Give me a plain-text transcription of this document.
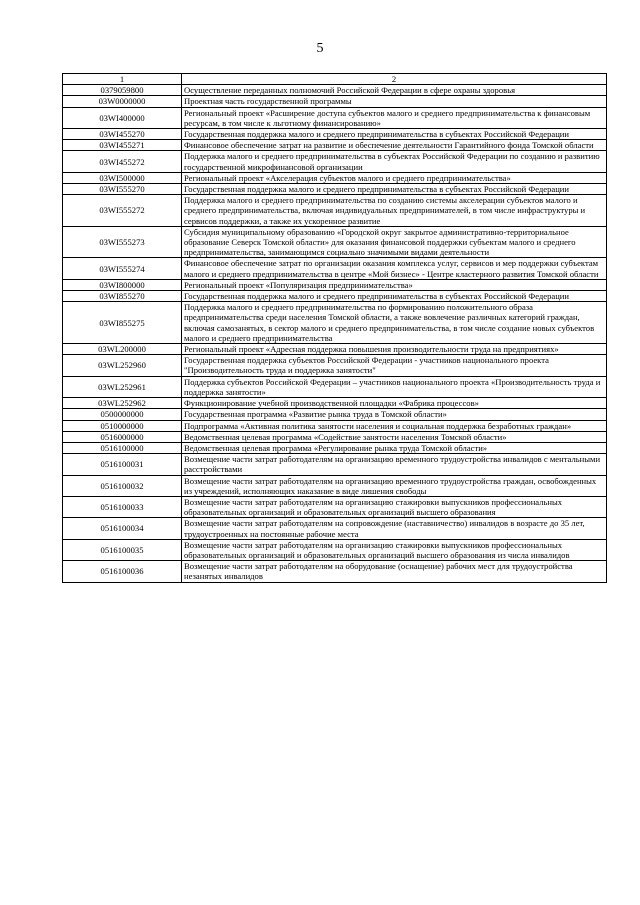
5
1	2
0379059800	Осуществление переданных полномочий Российской Федерации в сфере охраны здоровья
03W0000000	Проектная часть государственной программы
03WI400000	Региональный проект «Расширение доступа субъектов малого и среднего предпринимательства к финансовым ресурсам, в том числе к льготному финансированию»
03WI455270	Государственная поддержка малого и среднего предпринимательства в субъектах Российской Федерации
03WI455271	Финансовое обеспечение затрат на развитие и обеспечение деятельности Гарантийного фонда Томской области
03WI455272	Поддержка малого и среднего предпринимательства в субъектах Российской Федерации по созданию и развитию государственной микрофинансовой организации
03WI500000	Региональный проект «Акселерация субъектов малого и среднего предпринимательства»
03WI555270	Государственная поддержка малого и среднего предпринимательства в субъектах Российской Федерации
03WI555272	Поддержка малого и среднего предпринимательства по созданию системы акселерации субъектов малого и среднего предпринимательства, включая индивидуальных предпринимателей, в том числе инфраструктуры и сервисов поддержки, а также их ускоренное развитие
03WI555273	Субсидия муниципальному образованию «Городской округ закрытое административно-территориальное образование Северск Томской области» для оказания финансовой поддержки субъектам малого и среднего предпринимательства, занимающимся социально значимыми видами деятельности
03WI555274	Финансовое обеспечение затрат по организации оказания комплекса услуг, сервисов и мер поддержки субъектам малого и среднего предпринимательства в центре «Мой бизнес» - Центре кластерного развития Томской области
03WI800000	Региональный проект «Популяризация предпринимательства»
03WI855270	Государственная поддержка малого и среднего предпринимательства в субъектах Российской Федерации
03WI855275	Поддержка малого и среднего предпринимательства по формированию положительного образа предпринимательства среди населения Томской области, а также вовлечение различных категорий граждан, включая самозанятых, в сектор малого и среднего предпринимательства, в том числе создание новых субъектов малого и среднего предпринимательства
03WL200000	Региональный проект «Адресная поддержка повышения производительности труда на предприятиях»
03WL252960	Государственная поддержка субъектов Российской Федерации - участников национального проекта "Производительность труда и поддержка занятости"
03WL252961	Поддержка субъектов Российской Федерации – участников национального проекта «Производительность труда и поддержка занятости»
03WL252962	Функционирование учебной производственной площадки «Фабрика процессов»
0500000000	Государственная программа «Развитие рынка труда в Томской области»
0510000000	Подпрограмма «Активная политика занятости населения и социальная поддержка безработных граждан»
0516000000	Ведомственная целевая программа «Содействие занятости населения Томской области»
0516100000	Ведомственная целевая программа «Регулирование рынка труда Томской области»
0516100031	Возмещение части затрат работодателям на организацию временного трудоустройства инвалидов с ментальными расстройствами
0516100032	Возмещение части затрат работодателям на организацию временного трудоустройства граждан, освобожденных из учреждений, исполняющих наказание в виде лишения свободы
0516100033	Возмещение части затрат работодателям на организацию стажировки выпускников профессиональных образовательных организаций и образовательных организаций высшего образования
0516100034	Возмещение части затрат работодателям на сопровождение (наставничество) инвалидов в возрасте до 35 лет, трудоустроенных на постоянные рабочие места
0516100035	Возмещение части затрат работодателям на организацию стажировки выпускников профессиональных образовательных организаций и образовательных организаций высшего образования из числа инвалидов
0516100036	Возмещение части затрат работодателям на оборудование (оснащение) рабочих мест для трудоустройства незанятых инвалидов
